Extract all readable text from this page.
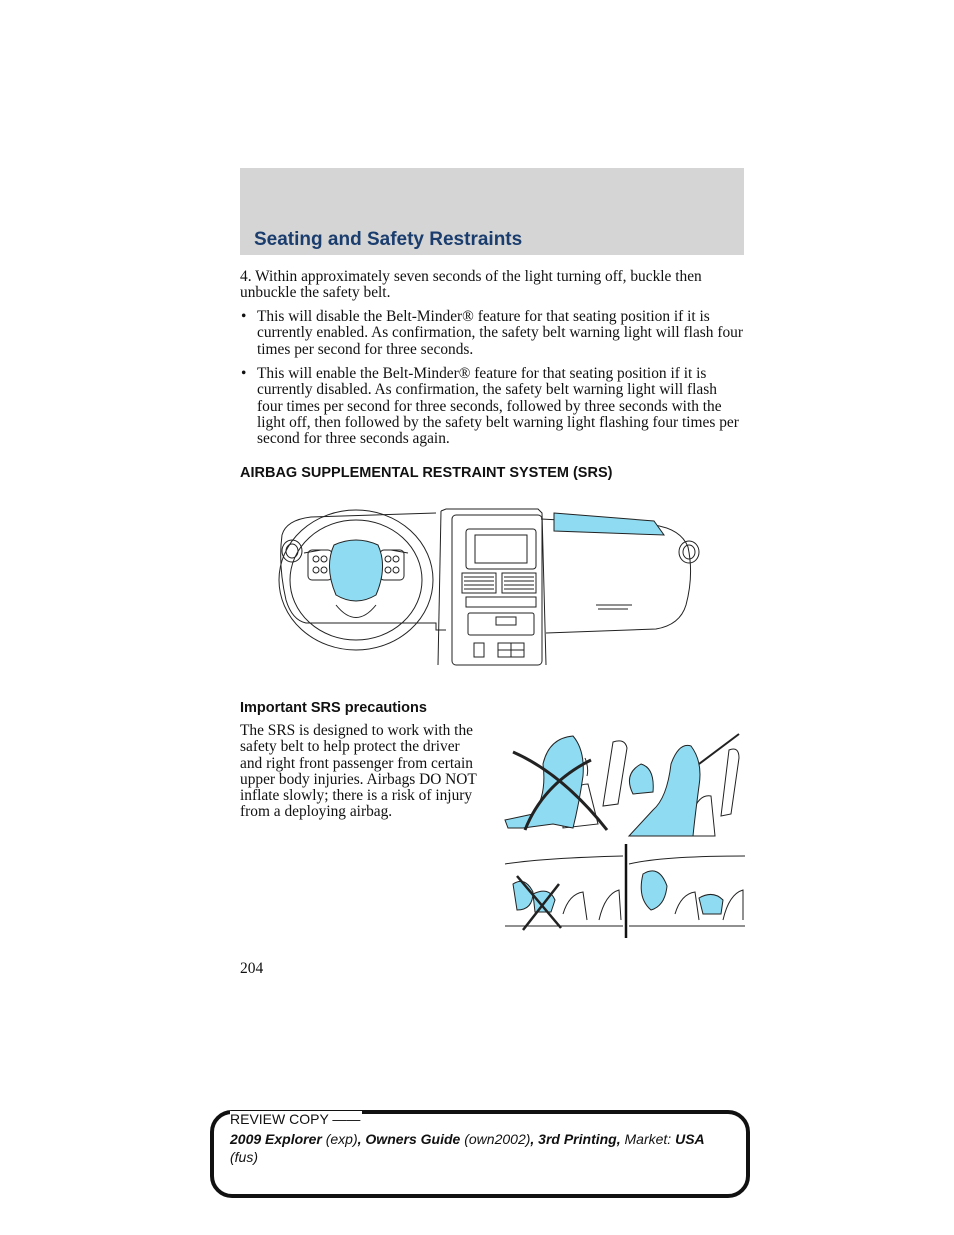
Seating and Safety Restraints

4. Within approximately seven seconds of the light turning off, buckle then unbuckle the safety belt.

• This will disable the Belt-Minder® feature for that seating position if it is currently enabled. As confirmation, the safety belt warning light will flash four times per second for three seconds.
• This will enable the Belt-Minder® feature for that seating position if it is currently disabled. As confirmation, the safety belt warning light will flash four times per second for three seconds, followed by three seconds with the light off, then followed by the safety belt warning light flashing four times per second for three seconds again.
AIRBAG SUPPLEMENTAL RESTRAINT SYSTEM (SRS)
Important SRS precautions

The SRS is designed to work with the safety belt to help protect the driver and right front passenger from certain upper body injuries. Airbags DO NOT inflate slowly; there is a risk of injury from a deploying airbag.

204
REVIEW COPY ——
2009 Explorer (exp), Owners Guide (own2002), 3rd Printing, Market: USA
(fus)
